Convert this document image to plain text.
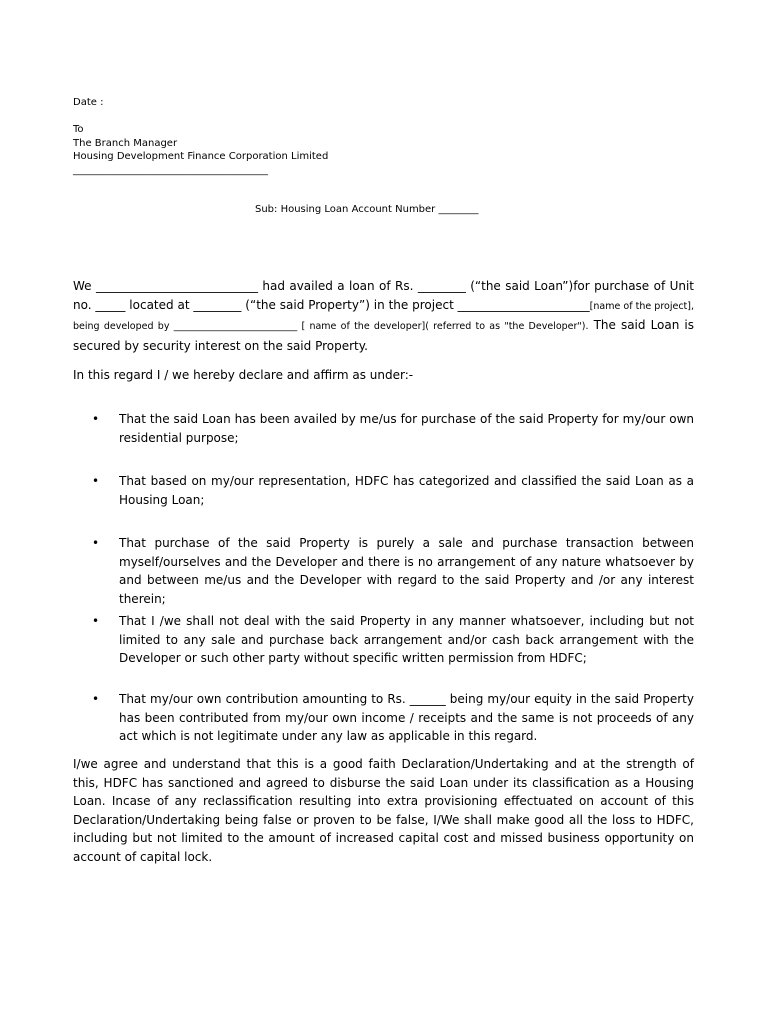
Date :
To
The Branch Manager
Housing Development Finance Corporation Limited
_______________________________________
Sub: Housing Loan Account Number ________
We ___________________________ had availed a loan of Rs. ________ (“the said Loan”)for purchase of Unit no. _____ located at ________ (“the said Property”) in the project ______________________[name of the project], being developed by __________________________ [ name of the developer]( referred to as "the Developer"). The said Loan is secured by security interest on the said Property.
In this regard I / we hereby declare and affirm as under:-
•	That the said Loan has been availed by me/us for purchase of the said Property for my/our own residential purpose;
•	That based on my/our representation, HDFC has categorized and classified the said Loan as a Housing Loan;
•	That purchase of the said Property is purely a sale and purchase transaction between myself/ourselves and the Developer and there is no arrangement of any nature whatsoever by and between me/us and the Developer with regard to the said Property and /or any interest therein;
•	That I /we shall not deal with the said Property in any manner whatsoever, including but not limited to any sale and purchase back arrangement and/or cash back arrangement with the Developer or such other party without specific written permission from HDFC;
•	That my/our own contribution amounting to Rs. ______ being my/our equity in the said Property has been contributed from my/our own income / receipts and the same is not proceeds of any act which is not legitimate under any law as applicable in this regard.
I/we agree and understand that this is a good faith Declaration/Undertaking and at the strength of this, HDFC has sanctioned and agreed to disburse the said Loan under its classification as a Housing Loan. Incase of any reclassification resulting into extra provisioning effectuated on account of this Declaration/Undertaking being false or proven to be false, I/We shall make good all the loss to HDFC, including but not limited to the amount of increased capital cost and missed business opportunity on account of capital lock.
